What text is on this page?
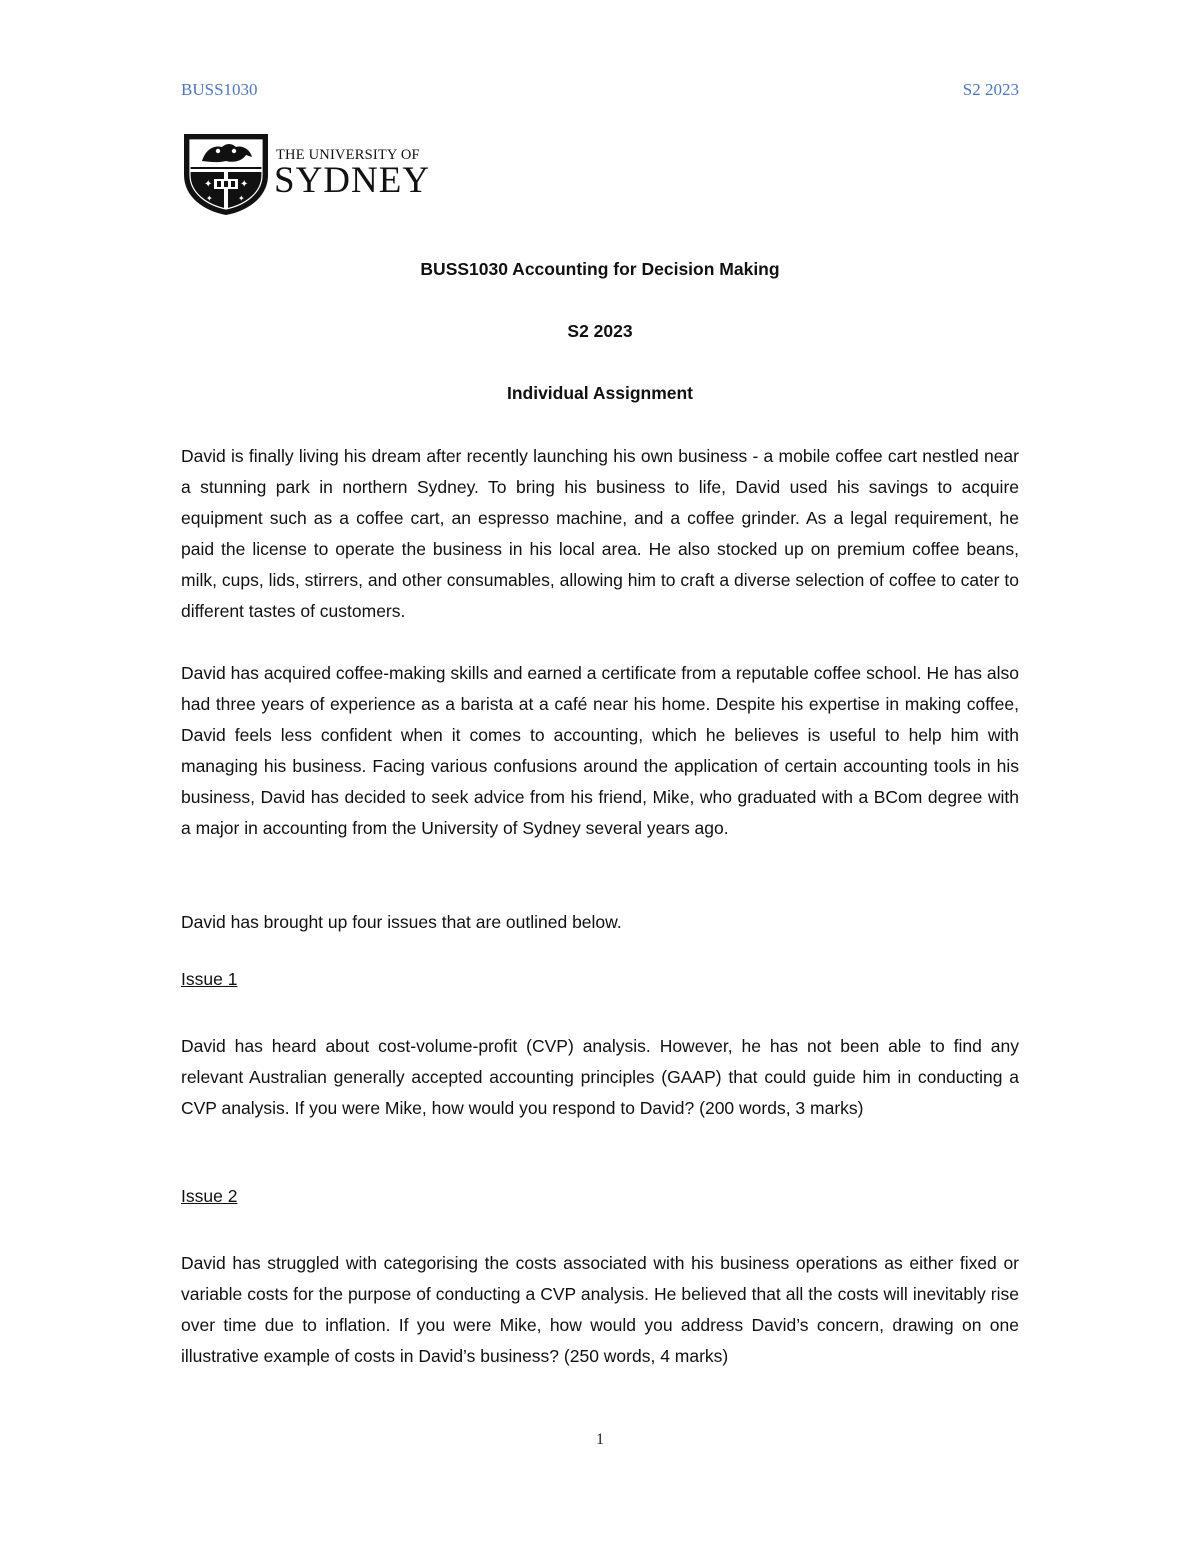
BUSS1030	S2 2023
✦	✦
✦	✦
THE UNIVERSITY OF
SYDNEY
BUSS1030 Accounting for Decision Making
S2 2023
Individual Assignment

David is finally living his dream after recently launching his own business - a mobile coffee cart nestled near a stunning park in northern Sydney. To bring his business to life, David used his savings to acquire equipment such as a coffee cart, an espresso machine, and a coffee grinder. As a legal requirement, he paid the license to operate the business in his local area. He also stocked up on premium coffee beans, milk, cups, lids, stirrers, and other consumables, allowing him to craft a diverse selection of coffee to cater to different tastes of customers.

David has acquired coffee-making skills and earned a certificate from a reputable coffee school. He has also had three years of experience as a barista at a café near his home. Despite his expertise in making coffee, David feels less confident when it comes to accounting, which he believes is useful to help him with managing his business. Facing various confusions around the application of certain accounting tools in his business, David has decided to seek advice from his friend, Mike, who graduated with a BCom degree with a major in accounting from the University of Sydney several years ago.

David has brought up four issues that are outlined below.

Issue 1

David has heard about cost-volume-profit (CVP) analysis. However, he has not been able to find any relevant Australian generally accepted accounting principles (GAAP) that could guide him in conducting a CVP analysis. If you were Mike, how would you respond to David? (200 words, 3 marks)

Issue 2

David has struggled with categorising the costs associated with his business operations as either fixed or variable costs for the purpose of conducting a CVP analysis. He believed that all the costs will inevitably rise over time due to inflation. If you were Mike, how would you address David’s concern, drawing on one illustrative example of costs in David’s business? (250 words, 4 marks)

1
